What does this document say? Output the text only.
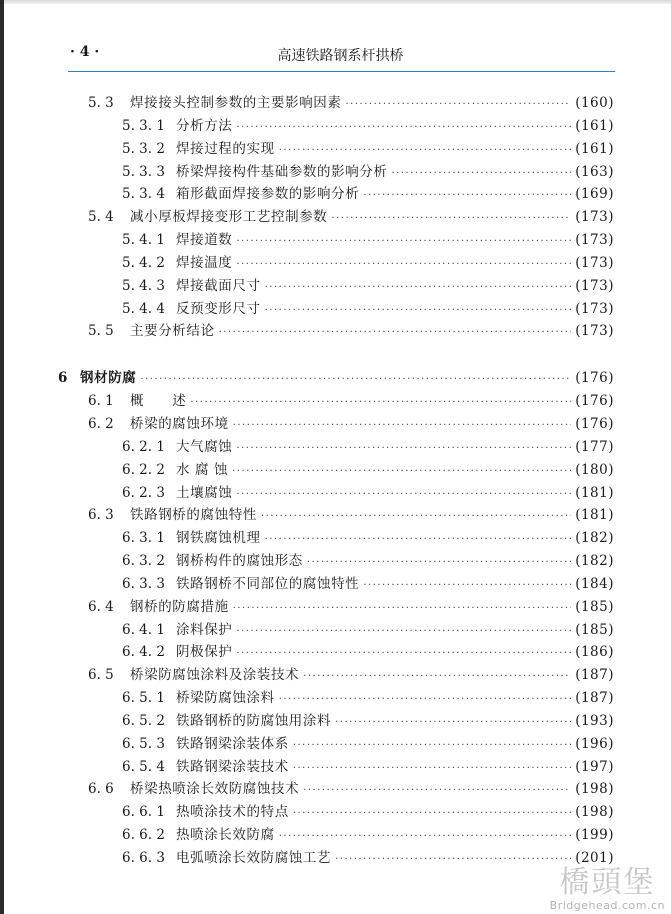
· 4 ·	高速铁路钢系杆拱桥
5. 3	焊接接头控制参数的主要影响因素 ·····	(160)
5. 3. 1 分析方法 ·····	(161)
5. 3. 2 焊接过程的实现 ·····	(161)
5. 3. 3 桥梁焊接构件基础参数的影响分析 ·····	(163)
5. 3. 4 箱形截面焊接参数的影响分析 ·····	(169)
5. 4	减小厚板焊接变形工艺控制参数 ·····	(173)
5. 4. 1 焊接道数 ·····	(173)
5. 4. 2 焊接温度 ·····	(173)
5. 4. 3 焊接截面尺寸 ·····	(173)
5. 4. 4 反预变形尺寸 ·····	(173)
5. 5	主要分析结论 ·····	(173)
6 钢材防腐 ·····	(176)
6. 1	概　　述 ·····	(176)
6. 2	桥梁的腐蚀环境 ·····	(176)
6. 2. 1 大气腐蚀 ·····	(177)
6. 2. 2 水 腐 蚀 ·····	(180)
6. 2. 3 土壤腐蚀 ·····	(181)
6. 3	铁路钢桥的腐蚀特性 ·····	(181)
6. 3. 1 钢铁腐蚀机理 ·····	(182)
6. 3. 2 钢桥构件的腐蚀形态 ·····	(182)
6. 3. 3 铁路钢桥不同部位的腐蚀特性 ·····	(184)
6. 4	钢桥的防腐措施 ·····	(185)
6. 4. 1 涂料保护 ·····	(185)
6. 4. 2 阴极保护 ·····	(186)
6. 5	桥梁防腐蚀涂料及涂装技术 ·····	(187)
6. 5. 1 桥梁防腐蚀涂料 ·····	(187)
6. 5. 2 铁路钢桥的防腐蚀用涂料 ·····	(193)
6. 5. 3 铁路钢梁涂装体系 ·····	(196)
6. 5. 4 铁路钢梁涂装技术 ·····	(197)
6. 6	桥梁热喷涂长效防腐蚀技术 ·····	(198)
6. 6. 1 热喷涂技术的特点 ·····	(198)
6. 6. 2 热喷涂长效防腐 ·····	(199)
6. 6. 3 电弧喷涂长效防腐蚀工艺 ·····	(201)
橋頭堡
Bridgehead.com.cn
